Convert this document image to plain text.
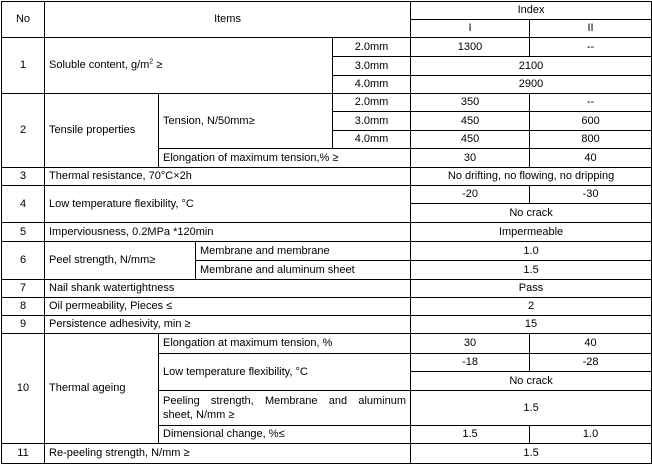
No	Items				Index	
					I	II
1	Soluble content, $g/m^2$ ≥			2.0mm	1300	--
				3.0mm	2100	
				4.0mm	2900	
2	Tensile properties	Tension, N/50mm≥		2.0mm	350	--
				3.0mm	450	600
				4.0mm	450	800
		Elongation of maximum tension,% ≥			30	40
3	Thermal resistance, 70°C×2h				No drifting, no flowing, no dripping	
4	Low temperature flexibility, °C				-20	-30
					No crack	
5	Imperviousness, 0.2MPa *120min				Impermeable	
6	Peel strength, N/mm≥		Membrane and membrane		1.0	
			Membrane and aluminum sheet		1.5	
7	Nail shank watertightness				Pass	
8	Oil permeability, Pieces ≤				2	
9	Persistence adhesivity, min ≥				15	
10	Thermal ageing	Elongation at maximum tension, %			30	40
		Low temperature flexibility, °C			-18	-28
					No crack	
		Peeling strength, Membrane and aluminum sheet, N/mm ≥			1.5	
		Dimensional change, %≤			1.5	1.0

11	Re-peeling strength, N/mm ≥				1.5	
